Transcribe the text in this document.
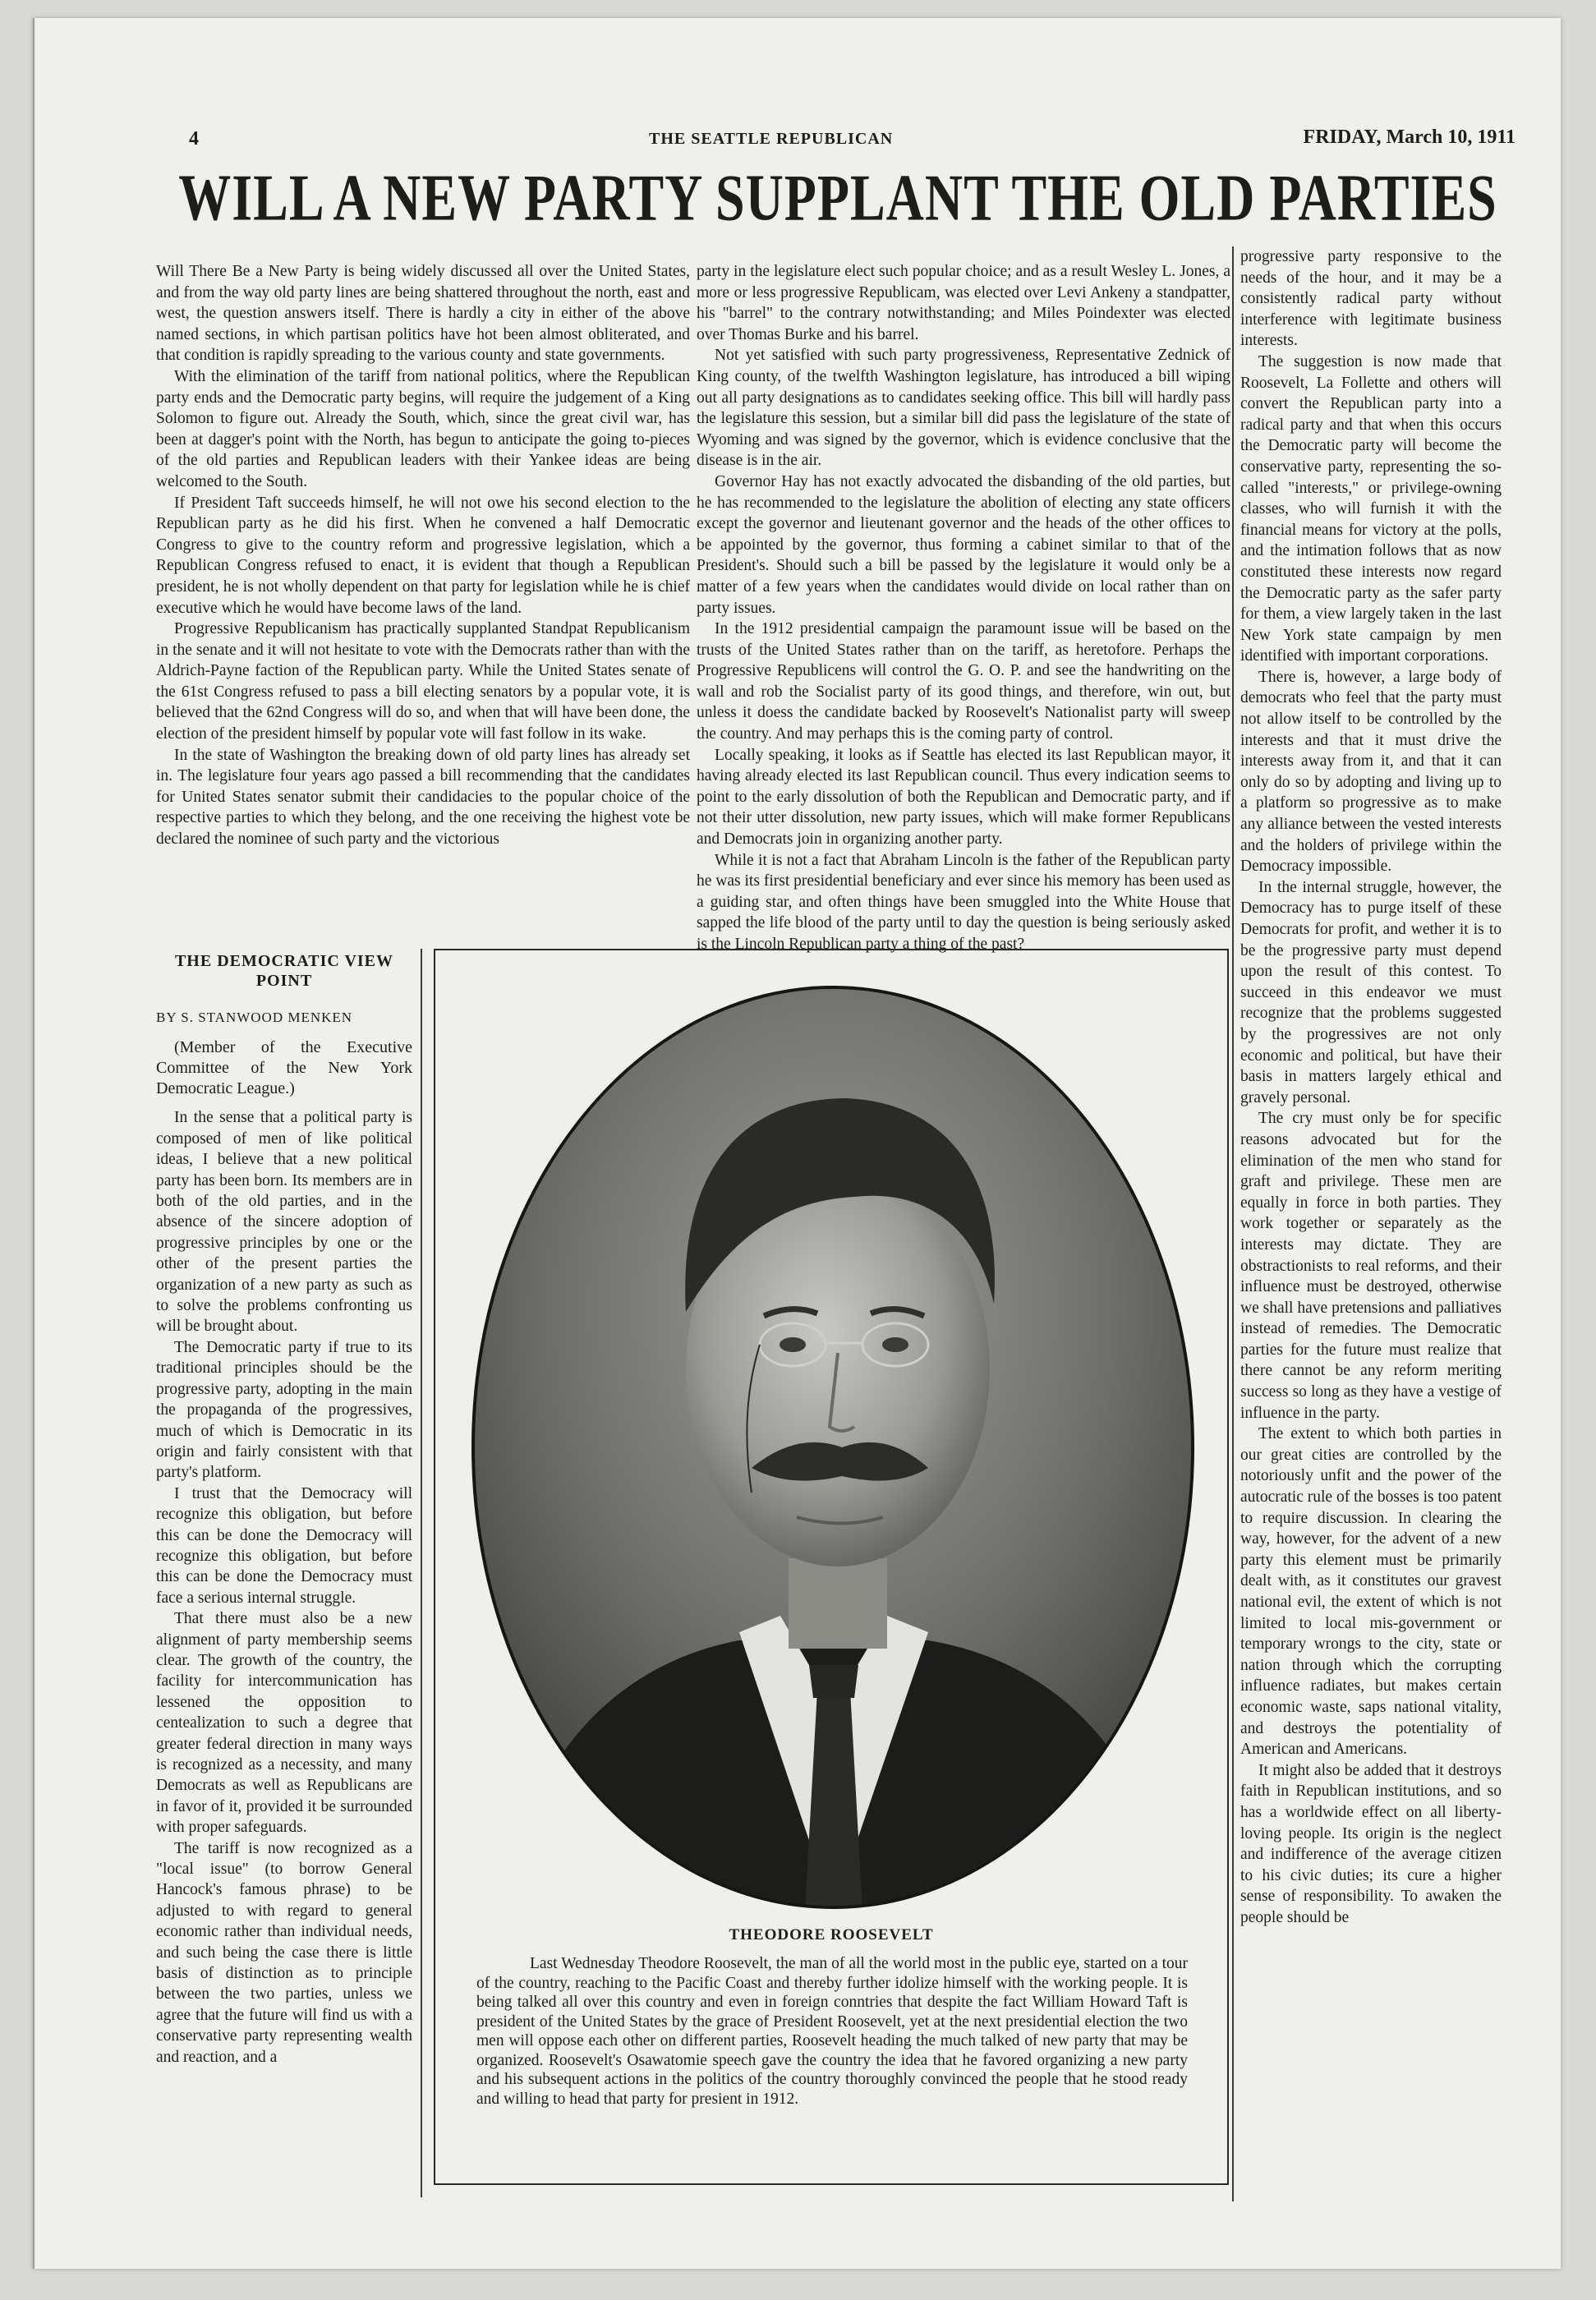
4	THE SEATTLE REPUBLICAN	FRIDAY, March 10, 1911
WILL A NEW PARTY SUPPLANT THE OLD PARTIES

Will There Be a New Party is being widely discussed all over the United States, and from the way old party lines are being shattered throughout the north, east and west, the question answers itself. There is hardly a city in either of the above named sections, in which partisan politics have hot been almost obliterated, and that condition is rapidly spreading to the various county and state governments.

With the elimination of the tariff from national politics, where the Republican party ends and the Democratic party begins, will require the judgement of a King Solomon to figure out. Already the South, which, since the great civil war, has been at dagger's point with the North, has begun to anticipate the going to-pieces of the old parties and Republican leaders with their Yankee ideas are being welcomed to the South.

If President Taft succeeds himself, he will not owe his second election to the Republican party as he did his first. When he convened a half Democratic Congress to give to the country reform and progressive legislation, which a Republican Congress refused to enact, it is evident that though a Republican president, he is not wholly dependent on that party for legislation while he is chief executive which he would have become laws of the land.

Progressive Republicanism has practically supplanted Standpat Republicanism in the senate and it will not hesitate to vote with the Democrats rather than with the Aldrich-Payne faction of the Republican party. While the United States senate of the 61st Congress refused to pass a bill electing senators by a popular vote, it is believed that the 62nd Congress will do so, and when that will have been done, the election of the president himself by popular vote will fast follow in its wake.

In the state of Washington the breaking down of old party lines has already set in. The legislature four years ago passed a bill recommending that the candidates for United States senator submit their candidacies to the popular choice of the respective parties to which they belong, and the one receiving the highest vote be declared the nominee of such party and the victorious

party in the legislature elect such popular choice; and as a result Wesley L. Jones, a more or less progressive Republicam, was elected over Levi Ankeny a standpatter, his "barrel" to the contrary notwithstanding; and Miles Poindexter was elected over Thomas Burke and his barrel.

Not yet satisfied with such party progressiveness, Representative Zednick of King county, of the twelfth Washington legislature, has introduced a bill wiping out all party designations as to candidates seeking office. This bill will hardly pass the legislature this session, but a similar bill did pass the legislature of the state of Wyoming and was signed by the governor, which is evidence conclusive that the disease is in the air.

Governor Hay has not exactly advocated the disbanding of the old parties, but he has recommended to the legislature the abolition of electing any state officers except the governor and lieutenant governor and the heads of the other offices to be appointed by the governor, thus forming a cabinet similar to that of the President's. Should such a bill be passed by the legislature it would only be a matter of a few years when the candidates would divide on local rather than on party issues.

In the 1912 presidential campaign the paramount issue will be based on the trusts of the United States rather than on the tariff, as heretofore. Perhaps the Progressive Republicens will control the G. O. P. and see the handwriting on the wall and rob the Socialist party of its good things, and therefore, win out, but unless it doess the candidate backed by Roosevelt's Nationalist party will sweep the country. And may perhaps this is the coming party of control.

Locally speaking, it looks as if Seattle has elected its last Republican mayor, it having already elected its last Republican council. Thus every indication seems to point to the early dissolution of both the Republican and Democratic party, and if not their utter dissolution, new party issues, which will make former Republicans and Democrats join in organizing another party.

While it is not a fact that Abraham Lincoln is the father of the Republican party he was its first presidential beneficiary and ever since his memory has been used as a guiding star, and often things have been smuggled into the White House that sapped the life blood of the party until to day the question is being seriously asked is the Lincoln Republican party a thing of the past?

progressive party responsive to the needs of the hour, and it may be a consistently radical party without interference with legitimate business interests.

The suggestion is now made that Roosevelt, La Follette and others will convert the Republican party into a radical party and that when this occurs the Democratic party will become the conservative party, representing the so-called "interests," or privilege-owning classes, who will furnish it with the financial means for victory at the polls, and the intimation follows that as now constituted these interests now regard the Democratic party as the safer party for them, a view largely taken in the last New York state campaign by men identified with important corporations.

There is, however, a large body of democrats who feel that the party must not allow itself to be controlled by the interests and that it must drive the interests away from it, and that it can only do so by adopting and living up to a platform so progressive as to make any alliance between the vested interests and the holders of privilege within the Democracy impossible.

In the internal struggle, however, the Democracy has to purge itself of these Democrats for profit, and wether it is to be the progressive party must depend upon the result of this contest. To succeed in this endeavor we must recognize that the problems suggested by the progressives are not only economic and political, but have their basis in matters largely ethical and gravely personal.

The cry must only be for specific reasons advocated but for the elimination of the men who stand for graft and privilege. These men are equally in force in both parties. They work together or separately as the interests may dictate. They are obstractionists to real reforms, and their influence must be destroyed, otherwise we shall have pretensions and palliatives instead of remedies. The Democratic parties for the future must realize that there cannot be any reform meriting success so long as they have a vestige of influence in the party.

The extent to which both parties in our great cities are controlled by the notoriously unfit and the power of the autocratic rule of the bosses is too patent to require discussion. In clearing the way, however, for the advent of a new party this element must be primarily dealt with, as it constitutes our gravest national evil, the extent of which is not limited to local mis-government or temporary wrongs to the city, state or nation through which the corrupting influence radiates, but makes certain economic waste, saps national vitality, and destroys the potentiality of American and Americans.

It might also be added that it destroys faith in Republican institutions, and so has a worldwide effect on all liberty-loving people. Its origin is the neglect and indifference of the average citizen to his civic duties; its cure a higher sense of responsibility. To awaken the people should be

THE DEMOCRATIC VIEW POINT
BY S. STANWOOD MENKEN

(Member of the Executive Committee of the New York Democratic League.)

In the sense that a political party is composed of men of like political ideas, I believe that a new political party has been born. Its members are in both of the old parties, and in the absence of the sincere adoption of progressive principles by one or the other of the present parties the organization of a new party as such as to solve the problems confronting us will be brought about.

The Democratic party if true to its traditional principles should be the progressive party, adopting in the main the propaganda of the progressives, much of which is Democratic in its origin and fairly consistent with that party's platform.

I trust that the Democracy will recognize this obligation, but before this can be done the Democracy will recognize this obligation, but before this can be done the Democracy must face a serious internal struggle.

That there must also be a new alignment of party membership seems clear. The growth of the country, the facility for intercommunication has lessened the opposition to centealization to such a degree that greater federal direction in many ways is recognized as a necessity, and many Democrats as well as Republicans are in favor of it, provided it be surrounded with proper safeguards.

The tariff is now recognized as a "local issue" (to borrow General Hancock's famous phrase) to be adjusted to with regard to general economic rather than individual needs, and such being the case there is little basis of distinction as to principle between the two parties, unless we agree that the future will find us with a conservative party representing wealth and reaction, and a

THEODORE ROOSEVELT

Last Wednesday Theodore Roosevelt, the man of all the world most in the public eye, started on a tour of the country, reaching to the Pacific Coast and thereby further idolize himself with the working people. It is being talked all over this country and even in foreign conntries that despite the fact William Howard Taft is president of the United States by the grace of President Roosevelt, yet at the next presidential election the two men will oppose each other on different parties, Roosevelt heading the much talked of new party that may be organized. Roosevelt's Osawatomie speech gave the country the idea that he favored organizing a new party and his subsequent actions in the politics of the country thoroughly convinced the people that he stood ready and willing to head that party for presient in 1912.
